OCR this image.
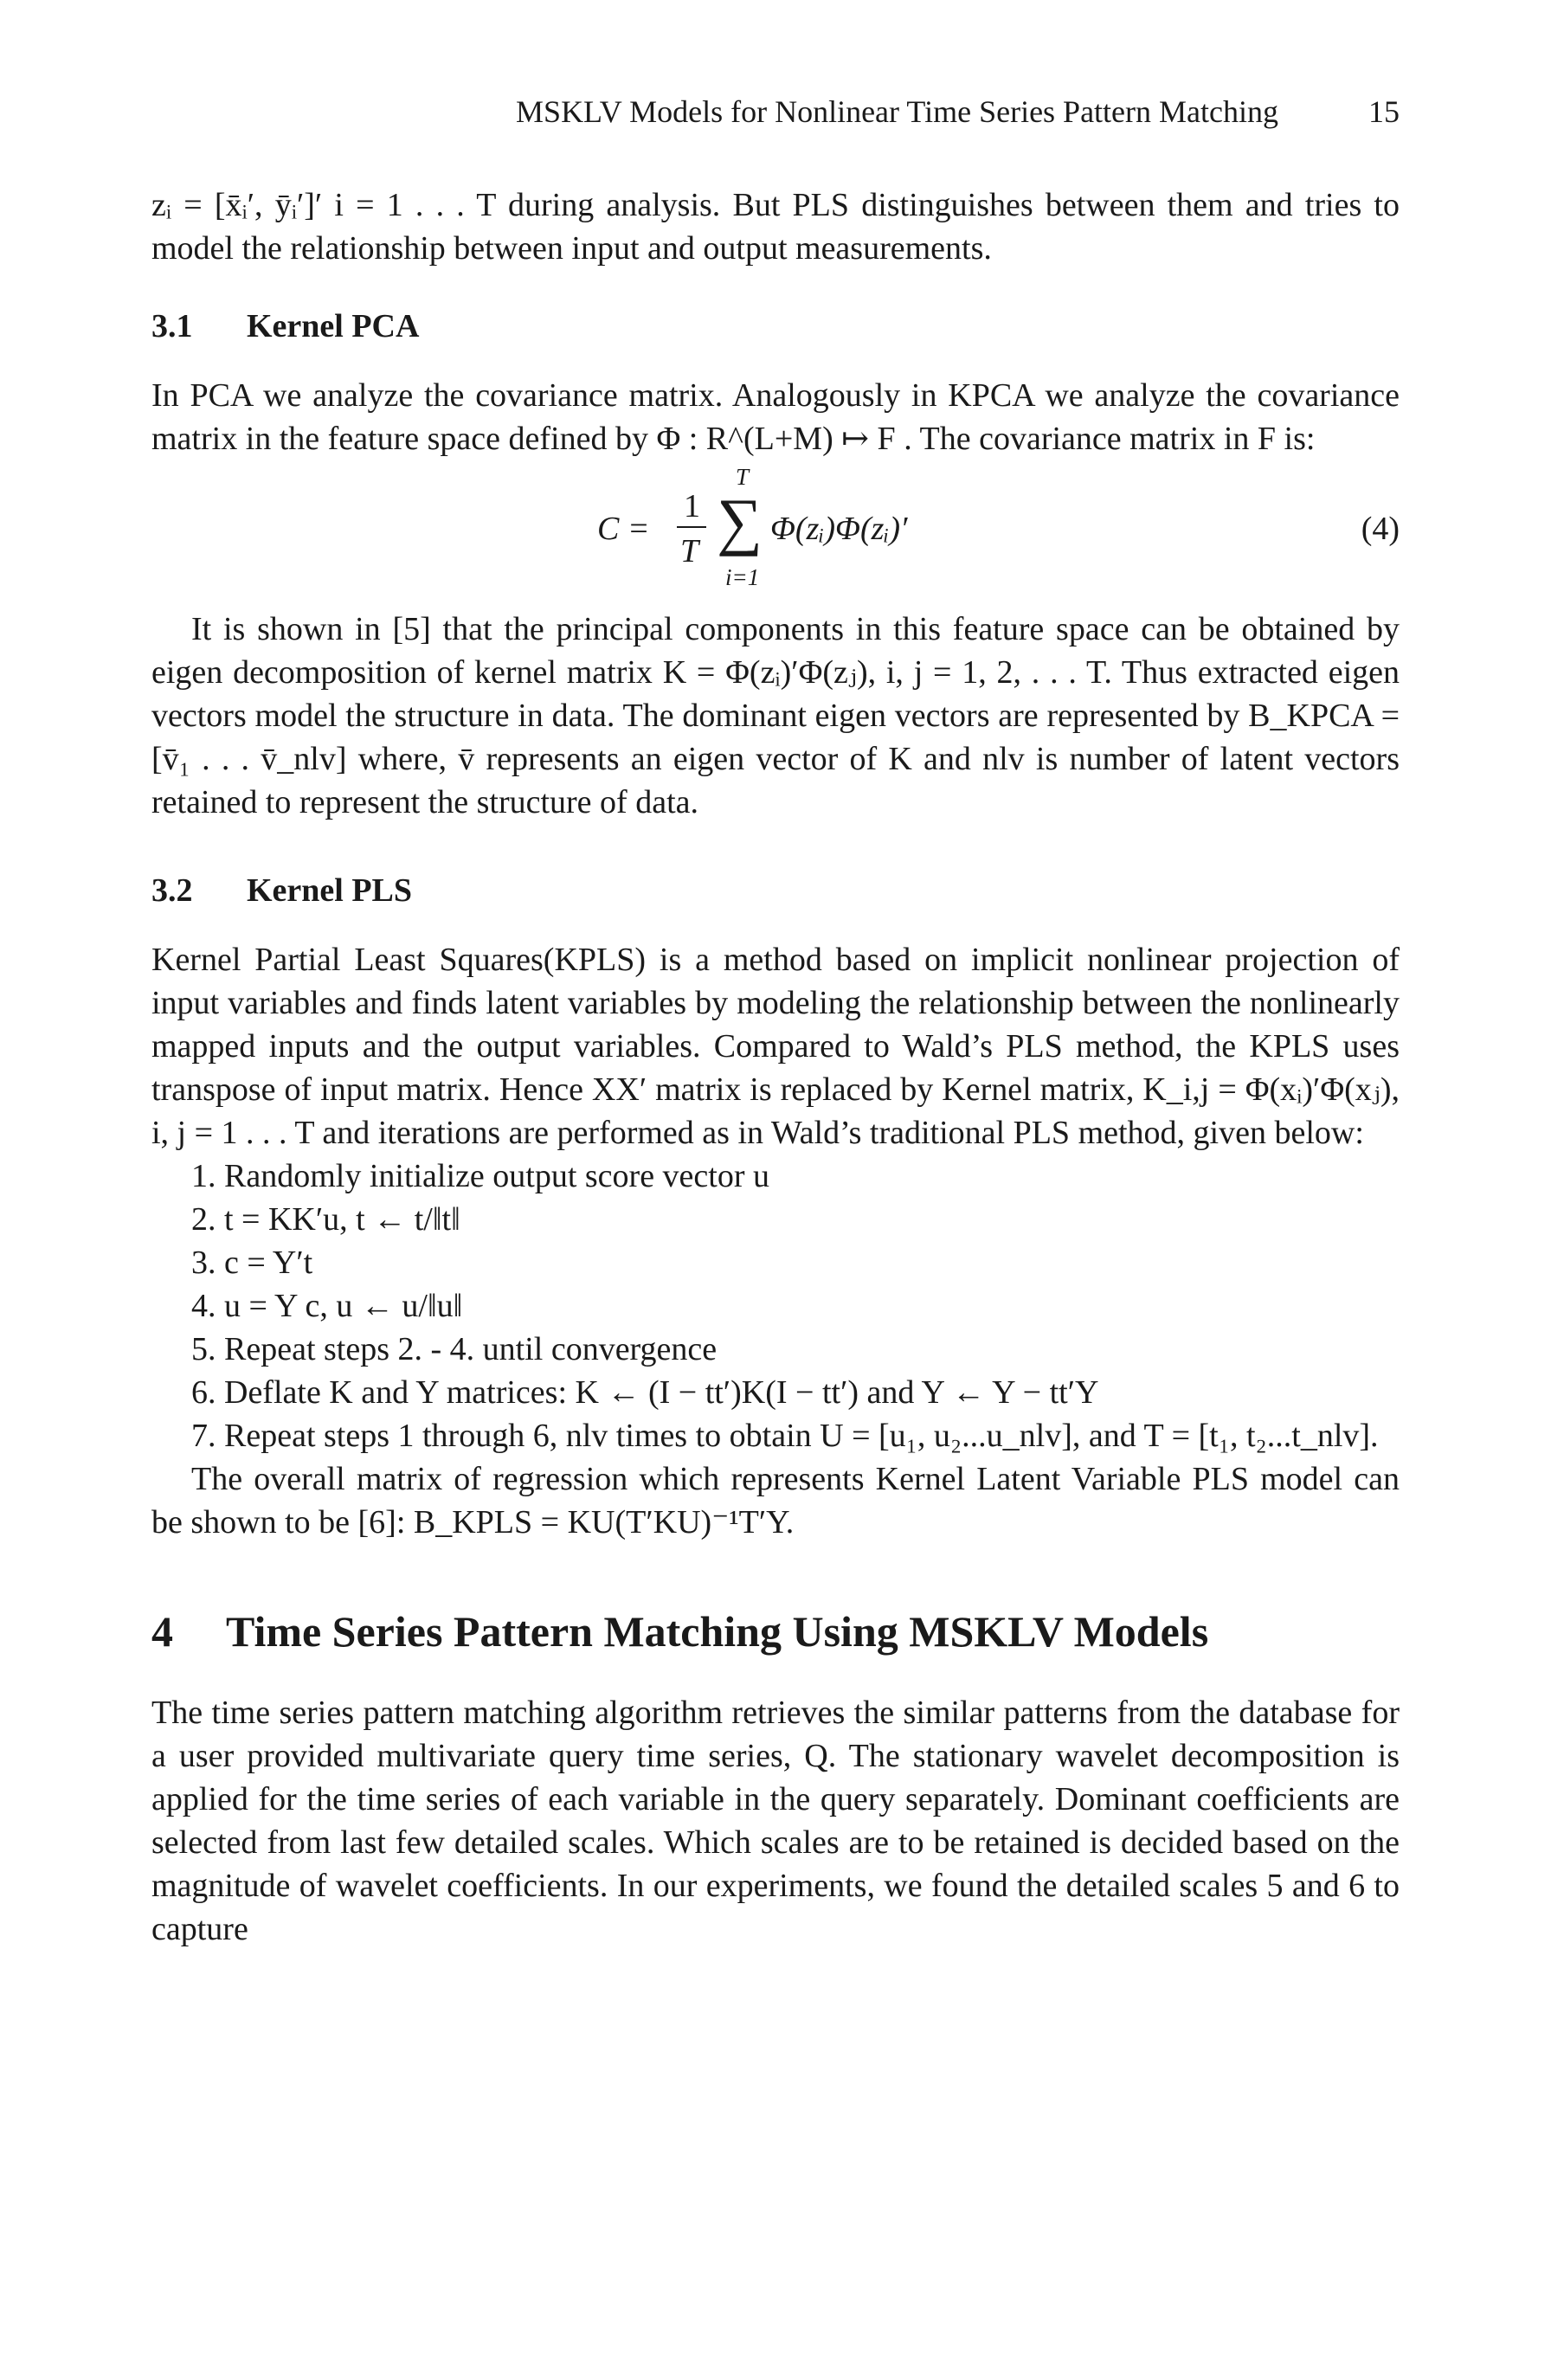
MSKLV Models for Nonlinear Time Series Pattern Matching	15

zᵢ = [x̄ᵢ′, ȳᵢ′]′ i = 1 . . . T during analysis. But PLS distinguishes between them and tries to model the relationship between input and output measurements.

3.1 Kernel PCA

In PCA we analyze the covariance matrix. Analogously in KPCA we analyze the covariance matrix in the feature space defined by Φ : R^(L+M) ↦ F . The covariance matrix in F is:

C =
1
T
T
∑
i=1
Φ(zᵢ)Φ(zᵢ)′	(4)

It is shown in [5] that the principal components in this feature space can be obtained by eigen decomposition of kernel matrix K = Φ(zᵢ)′Φ(zⱼ), i, j = 1, 2, . . . T. Thus extracted eigen vectors model the structure in data. The dominant eigen vectors are represented by B_KPCA = [v̄₁ . . . v̄_nlv] where, v̄ represents an eigen vector of K and nlv is number of latent vectors retained to represent the structure of data.

3.2 Kernel PLS

Kernel Partial Least Squares(KPLS) is a method based on implicit nonlinear projection of input variables and finds latent variables by modeling the relationship between the nonlinearly mapped inputs and the output variables. Compared to Wald’s PLS method, the KPLS uses transpose of input matrix. Hence XX′ matrix is replaced by Kernel matrix, K_i,j = Φ(xᵢ)′Φ(xⱼ), i, j = 1 . . . T and iterations are performed as in Wald’s traditional PLS method, given below:

1. Randomly initialize output score vector u
2. t = KK′u, t ← t/‖t‖
3. c = Y′t
4. u = Y c, u ← u/‖u‖
5. Repeat steps 2. - 4. until convergence
6. Deflate K and Y matrices: K ← (I − tt′)K(I − tt′) and Y ← Y − tt′Y
7. Repeat steps 1 through 6, nlv times to obtain U = [u₁, u₂...u_nlv], and T = [t₁, t₂...t_nlv].

The overall matrix of regression which represents Kernel Latent Variable PLS model can be shown to be [6]: B_KPLS = KU(T′KU)⁻¹T′Y.

4 Time Series Pattern Matching Using MSKLV Models

The time series pattern matching algorithm retrieves the similar patterns from the database for a user provided multivariate query time series, Q. The stationary wavelet decomposition is applied for the time series of each variable in the query separately. Dominant coefficients are selected from last few detailed scales. Which scales are to be retained is decided based on the magnitude of wavelet coefficients. In our experiments, we found the detailed scales 5 and 6 to capture
